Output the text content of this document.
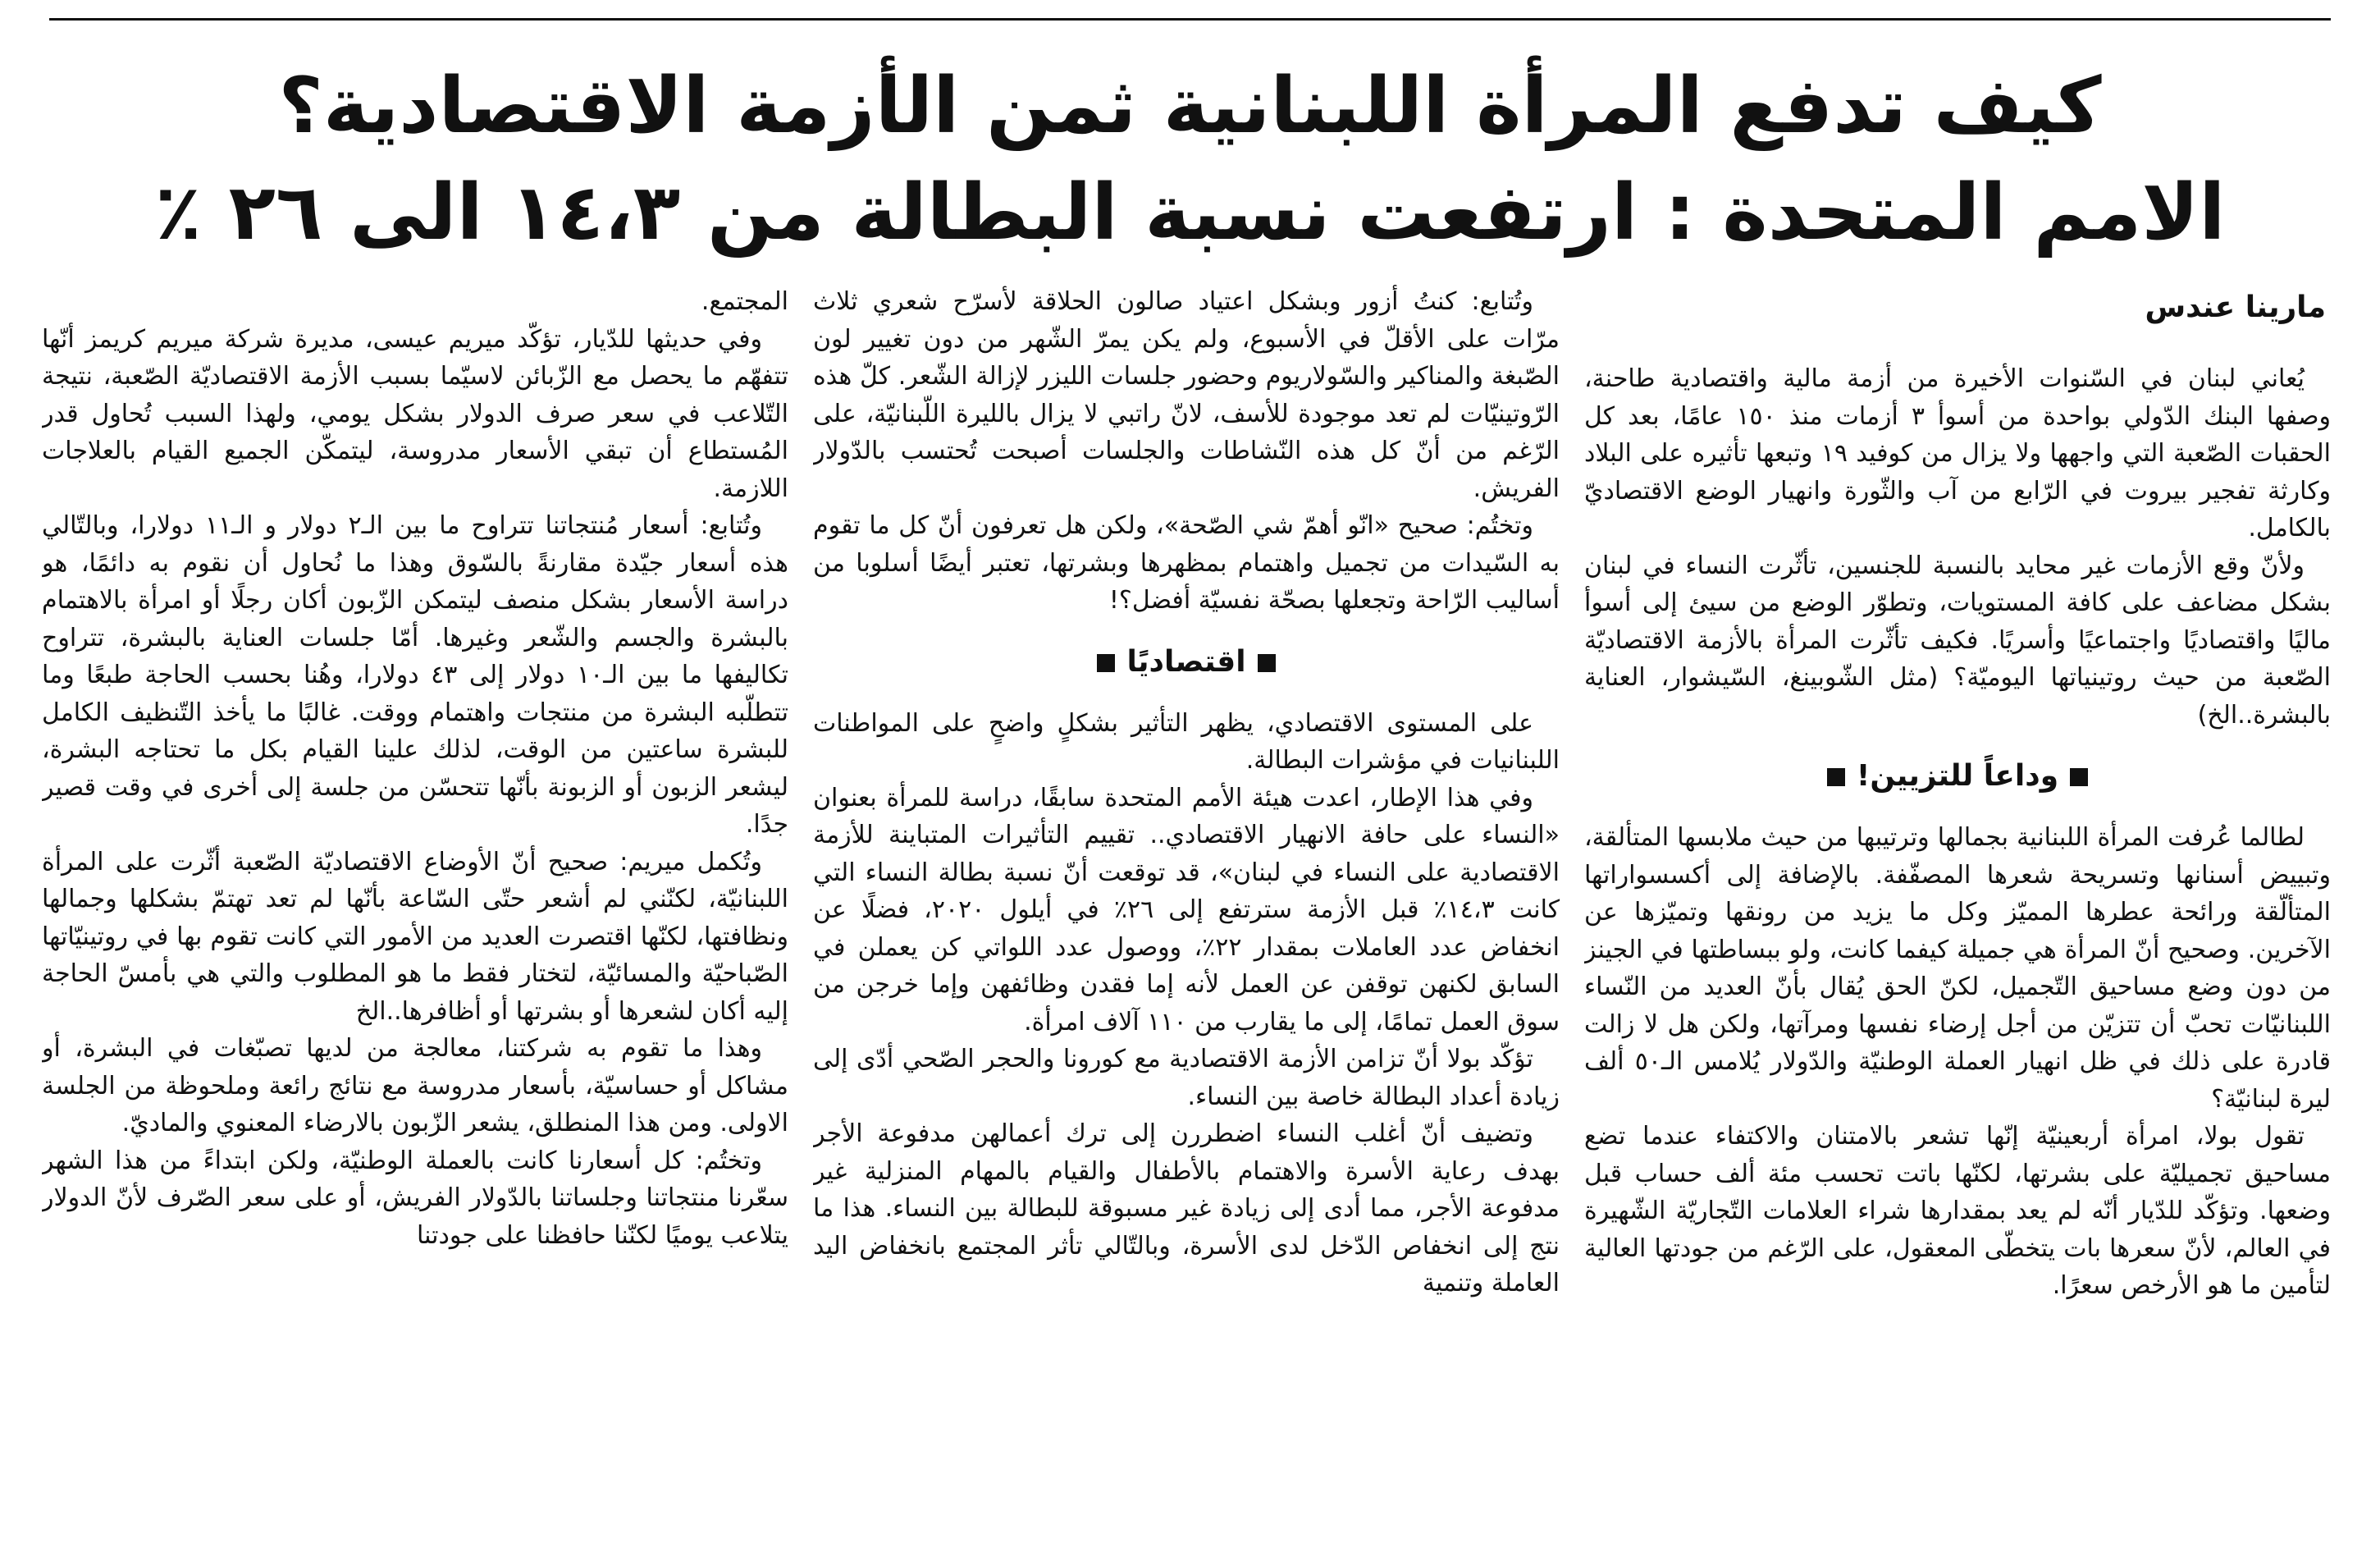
كيف تدفع المرأة اللبنانية ثمن الأزمة الاقتصادية؟
الامم المتحدة : ارتفعت نسبة البطالة من ١٤،٣ الى ٢٦ ٪
مارينا عندس

يُعاني لبنان في السّنوات الأخيرة من أزمة مالية واقتصادية طاحنة، وصفها البنك الدّولي بواحدة من أسوأ ٣ أزمات منذ ١٥٠ عامًا، بعد كل الحقبات الصّعبة التي واجهها ولا يزال من كوفيد ١٩ وتبعها تأثيره على البلاد وكارثة تفجير بيروت في الرّابع من آب والثّورة وانهيار الوضع الاقتصاديّ بالكامل.

ولأنّ وقع الأزمات غير محايد بالنسبة للجنسين، تأثّرت النساء في لبنان بشكل مضاعف على كافة المستويات، وتطوّر الوضع من سيئ إلى أسوأ ماليًا واقتصاديًا واجتماعيًا وأسريًا. فكيف تأثّرت المرأة بالأزمة الاقتصاديّة الصّعبة من حيث روتينياتها اليوميّة؟ (مثل الشّوبينغ، السّيشوار، العناية بالبشرة..الخ)

وداعاً للتزيين!

لطالما عُرفت المرأة اللبنانية بجمالها وترتيبها من حيث ملابسها المتألقة، وتبييض أسنانها وتسريحة شعرها المصفّفة. بالإضافة إلى أكسسواراتها المتألّقة ورائحة عطرها المميّز وكل ما يزيد من رونقها وتميّزها عن الآخرين. وصحيح أنّ المرأة هي جميلة كيفما كانت، ولو ببساطتها في الجينز من دون وضع مساحيق التّجميل، لكنّ الحق يُقال بأنّ العديد من النّساء اللبنانيّات تحبّ أن تتزيّن من أجل إرضاء نفسها ومرآتها، ولكن هل لا زالت قادرة على ذلك في ظل انهيار العملة الوطنيّة والدّولار يُلامس الـ٥٠ ألف ليرة لبنانيّة؟

تقول بولا، امرأة أربعينيّة إنّها تشعر بالامتنان والاكتفاء عندما تضع مساحيق تجميليّة على بشرتها، لكنّها باتت تحسب مئة ألف حساب قبل وضعها. وتؤكّد للدّيار أنّه لم يعد بمقدارها شراء العلامات التّجاريّة الشّهيرة في العالم، لأنّ سعرها بات يتخطّى المعقول، على الرّغم من جودتها العالية لتأمين ما هو الأرخص سعرًا.

وتُتابع: كنتُ أزور وبشكل اعتياد صالون الحلاقة لأسرّح شعري ثلاث مرّات على الأقلّ في الأسبوع، ولم يكن يمرّ الشّهر من دون تغيير لون الصّبغة والمناكير والسّولاريوم وحضور جلسات الليزر لإزالة الشّعر. كلّ هذه الرّوتينيّات لم تعد موجودة للأسف، لانّ راتبي لا يزال بالليرة اللّبنانيّة، على الرّغم من أنّ كل هذه النّشاطات والجلسات أصبحت تُحتسب بالدّولار الفريش.

وتختُم: صحيح «انّو أهمّ شي الصّحة»، ولكن هل تعرفون أنّ كل ما تقوم به السّيدات من تجميل واهتمام بمظهرها وبشرتها، تعتبر أيضًا أسلوبا من أساليب الرّاحة وتجعلها بصحّة نفسيّة أفضل؟!

اقتصاديًا

على المستوى الاقتصادي، يظهر التأثير بشكلٍ واضحٍ على المواطنات اللبنانيات في مؤشرات البطالة.

وفي هذا الإطار، اعدت هيئة الأمم المتحدة سابقًا، دراسة للمرأة بعنوان «النساء على حافة الانهيار الاقتصادي.. تقييم التأثيرات المتباينة للأزمة الاقتصادية على النساء في لبنان»، قد توقعت أنّ نسبة بطالة النساء التي كانت ١٤،٣٪ قبل الأزمة سترتفع إلى ٢٦٪ في أيلول ٢٠٢٠، فضلًا عن انخفاض عدد العاملات بمقدار ٢٢٪، ووصول عدد اللواتي كن يعملن في السابق لكنهن توقفن عن العمل لأنه إما فقدن وظائفهن وإما خرجن من سوق العمل تمامًا، إلى ما يقارب من ١١٠ آلاف امرأة.

تؤكّد بولا أنّ تزامن الأزمة الاقتصادية مع كورونا والحجر الصّحي أدّى إلى زيادة أعداد البطالة خاصة بين النساء.

وتضيف أنّ أغلب النساء اضطررن إلى ترك أعمالهن مدفوعة الأجر بهدف رعاية الأسرة والاهتمام بالأطفال والقيام بالمهام المنزلية غير مدفوعة الأجر، مما أدى إلى زيادة غير مسبوقة للبطالة بين النساء. هذا ما نتج إلى انخفاص الدّخل لدى الأسرة، وبالتّالي تأثر المجتمع بانخفاض اليد العاملة وتنمية

المجتمع.

وفي حديثها للدّيار، تؤكّد ميريم عيسى، مديرة شركة ميريم كريمز أنّها تتفهّم ما يحصل مع الزّبائن لاسيّما بسبب الأزمة الاقتصاديّة الصّعبة، نتيجة التّلاعب في سعر صرف الدولار بشكل يومي، ولهذا السبب تُحاول قدر المُستطاع أن تبقي الأسعار مدروسة، ليتمكّن الجميع القيام بالعلاجات اللازمة.

وتُتابع: أسعار مُنتجاتنا تتراوح ما بين الـ٢ دولار و الـ١١ دولارا، وبالتّالي هذه أسعار جيّدة مقارنةً بالسّوق وهذا ما نُحاول أن نقوم به دائمًا، هو دراسة الأسعار بشكل منصف ليتمكن الزّبون أكان رجلًا أو امرأة بالاهتمام بالبشرة والجسم والشّعر وغيرها. أمّا جلسات العناية بالبشرة، تتراوح تكاليفها ما بين الـ١٠ دولار إلى ٤٣ دولارا، وهُنا بحسب الحاجة طبعًا وما تتطلّبه البشرة من منتجات واهتمام ووقت. غالبًا ما يأخذ التّنظيف الكامل للبشرة ساعتين من الوقت، لذلك علينا القيام بكل ما تحتاجه البشرة، ليشعر الزبون أو الزبونة بأنّها تتحسّن من جلسة إلى أخرى في وقت قصير جدًا.

وتُكمل ميريم: صحيح أنّ الأوضاع الاقتصاديّة الصّعبة أثّرت على المرأة اللبنانيّة، لكنّني لم أشعر حتّى السّاعة بأنّها لم تعد تهتمّ بشكلها وجمالها ونظافتها، لكنّها اقتصرت العديد من الأمور التي كانت تقوم بها في روتينيّاتها الصّباحيّة والمسائيّة، لتختار فقط ما هو المطلوب والتي هي بأمسّ الحاجة إليه أكان لشعرها أو بشرتها أو أظافرها..الخ

وهذا ما تقوم به شركتنا، معالجة من لديها تصبّغات في البشرة، أو مشاكل أو حساسيّة، بأسعار مدروسة مع نتائج رائعة وملحوظة من الجلسة الاولى. ومن هذا المنطلق، يشعر الزّبون بالارضاء المعنوي والماديّ.

وتختُم: كل أسعارنا كانت بالعملة الوطنيّة، ولكن ابتداءً من هذا الشهر سعّرنا منتجاتنا وجلساتنا بالدّولار الفريش، أو على سعر الصّرف لأنّ الدولار يتلاعب يوميًا لكنّنا حافظنا على جودتنا
